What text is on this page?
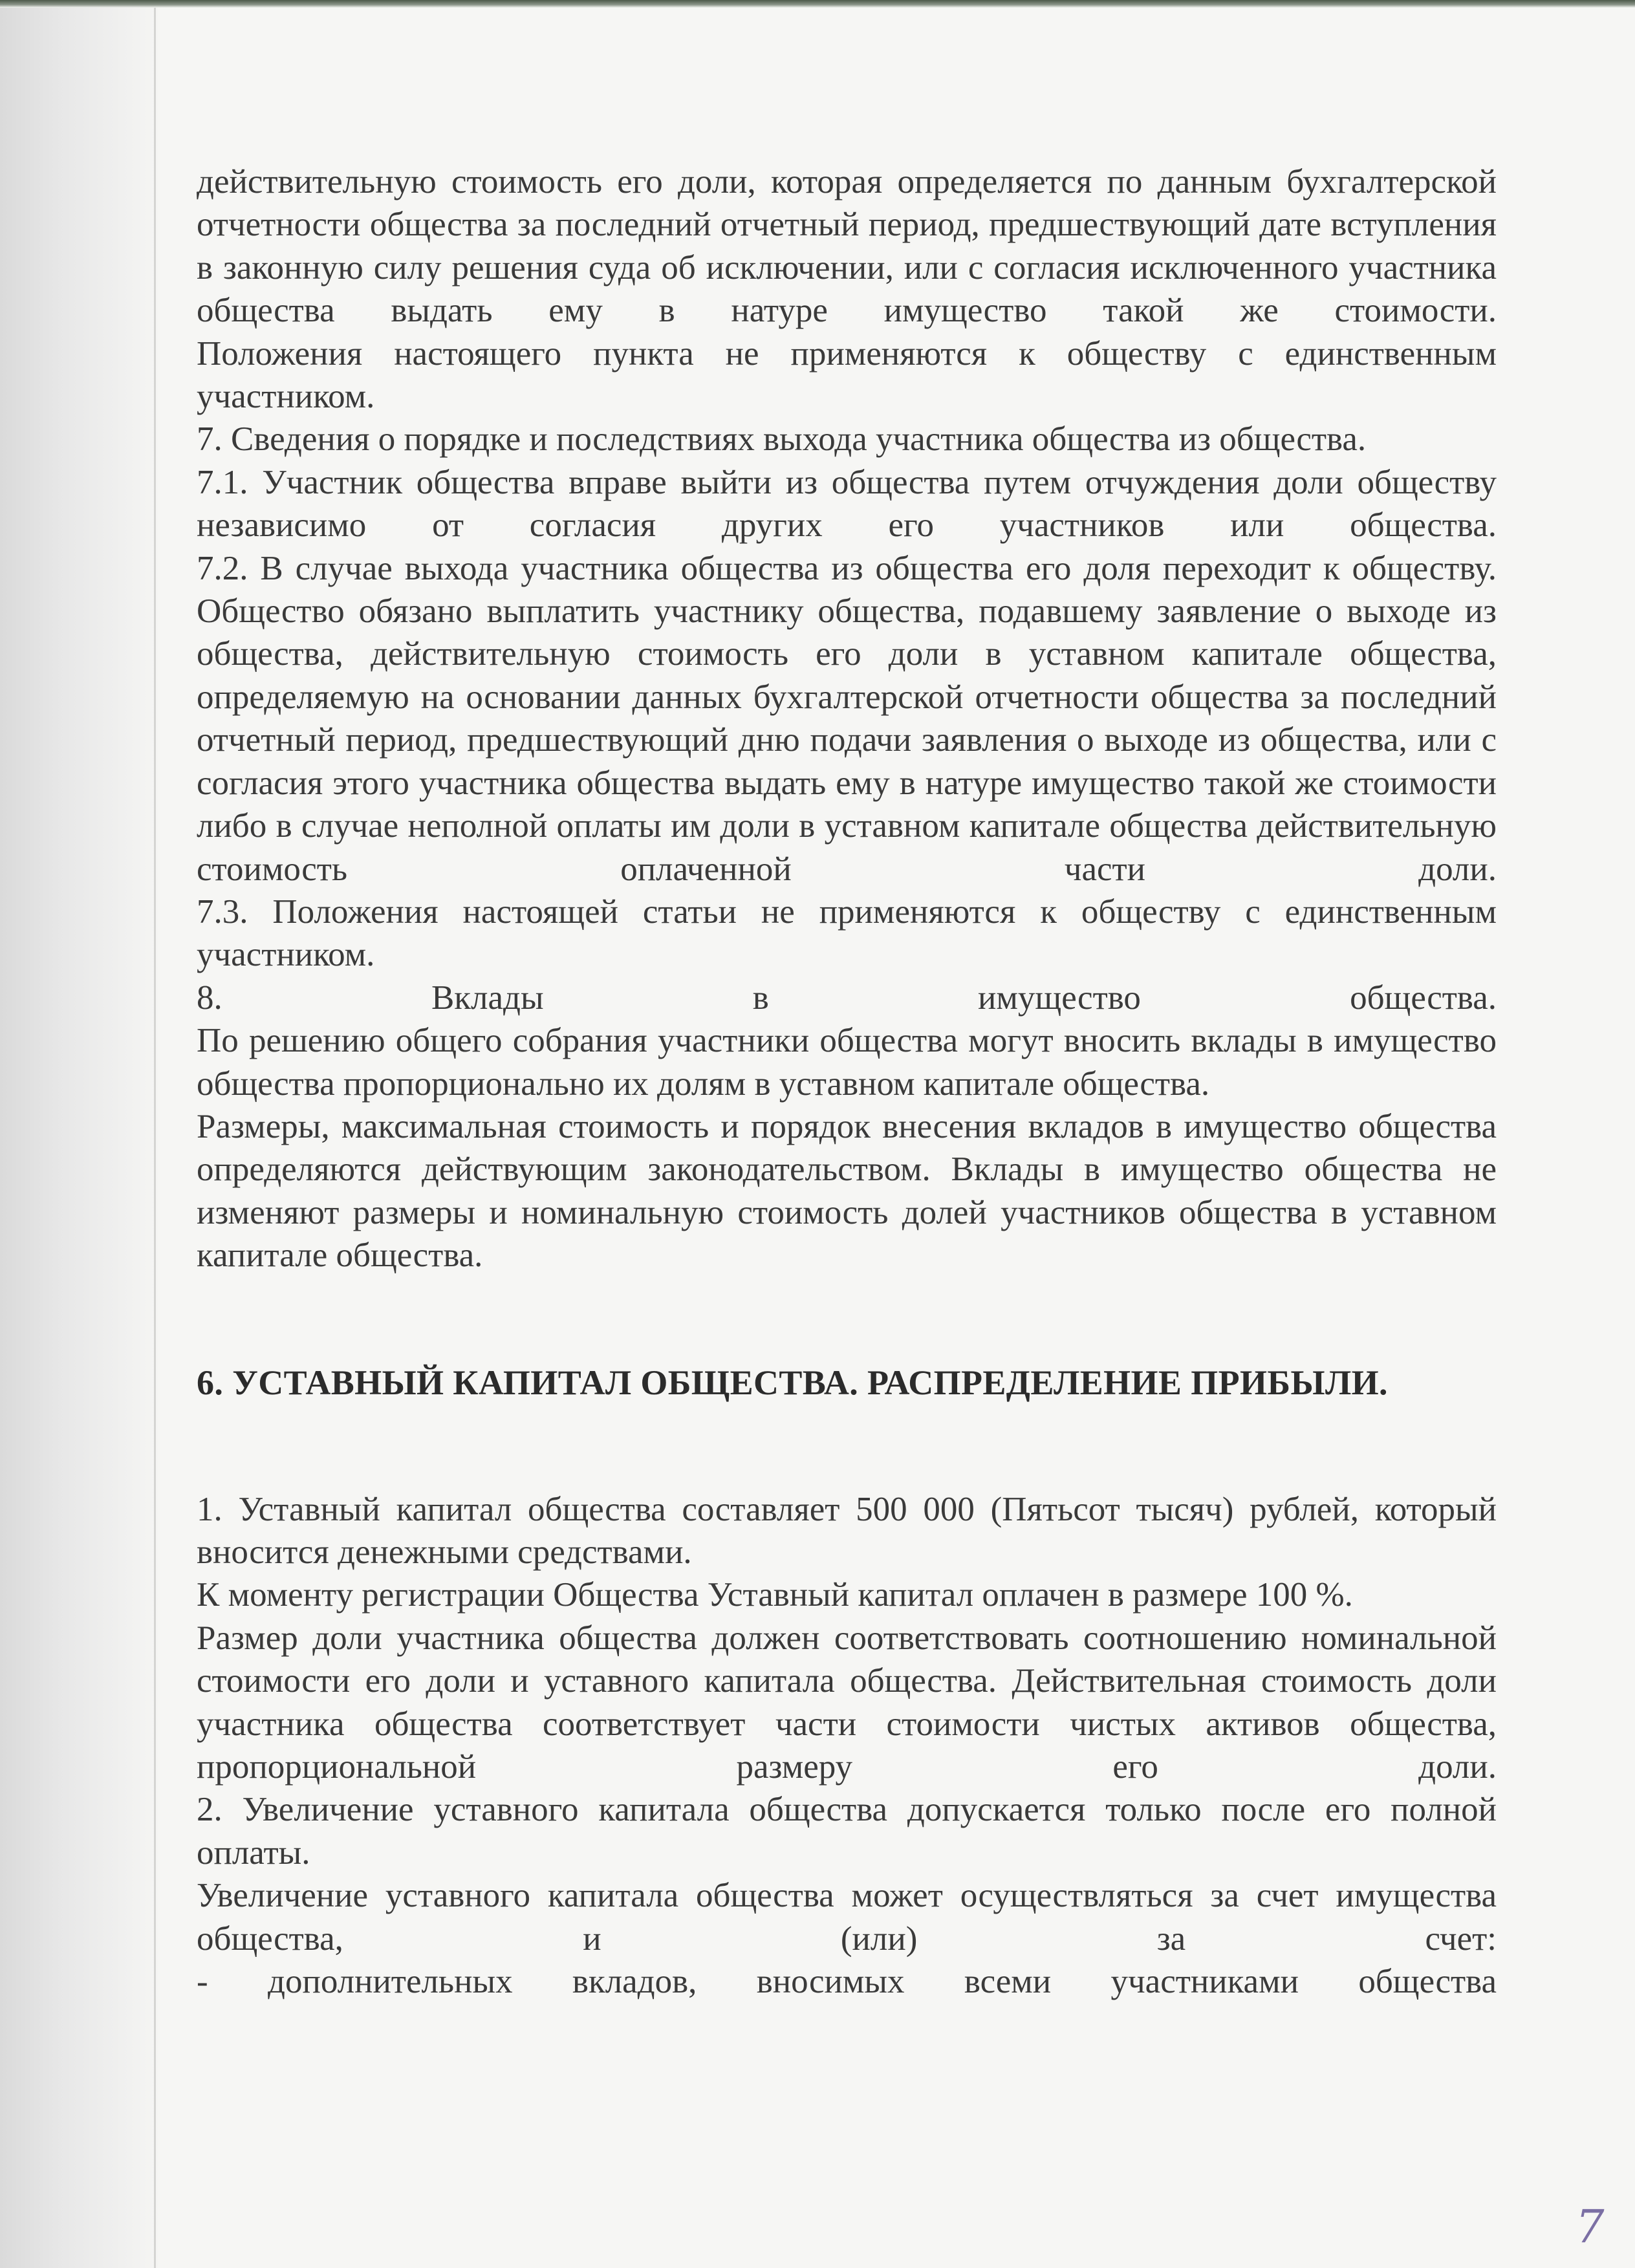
действительную стоимость его доли, которая определяется по данным бухгалтерской отчетности общества за последний отчетный период, предшествующий дате вступления в законную силу решения суда об исключении, или с согласия исключенного участника общества выдать ему в натуре имущество такой же стоимости.

Положения настоящего пункта не применяются к обществу с единственным участником.

7. Сведения о порядке и последствиях выхода участника общества из общества.

7.1. Участник общества вправе выйти из общества путем отчуждения доли обществу независимо от согласия других его участников или общества.

7.2. В случае выхода участника общества из общества его доля переходит к обществу. Общество обязано выплатить участнику общества, подавшему заявление о выходе из общества, действительную стоимость его доли в уставном капитале общества, определяемую на основании данных бухгалтерской отчетности общества за последний отчетный период, предшествующий дню подачи заявления о выходе из общества, или с согласия этого участника общества выдать ему в натуре имущество такой же стоимости либо в случае неполной оплаты им доли в уставном капитале общества действительную стоимость оплаченной части доли.

7.3. Положения настоящей статьи не применяются к обществу с единственным участником.

8. Вклады в имущество общества.

По решению общего собрания участники общества могут вносить вклады в имущество общества пропорционально их долям в уставном капитале общества.

Размеры, максимальная стоимость и порядок внесения вкладов в имущество общества определяются действующим законодательством. Вклады в имущество общества не изменяют размеры и номинальную стоимость долей участников общества в уставном капитале общества.

6. УСТАВНЫЙ КАПИТАЛ ОБЩЕСТВА. РАСПРЕДЕЛЕНИЕ ПРИБЫЛИ.

1. Уставный капитал общества составляет 500 000 (Пятьсот тысяч) рублей, который вносится денежными средствами.

К моменту регистрации Общества Уставный капитал оплачен в размере 100 %.

Размер доли участника общества должен соответствовать соотношению номинальной стоимости его доли и уставного капитала общества. Действительная стоимость доли участника общества соответствует части стоимости чистых активов общества, пропорциональной размеру его доли.

2. Увеличение уставного капитала общества допускается только после его полной оплаты.

Увеличение уставного капитала общества может осуществляться за счет имущества общества, и (или) за счет:

- дополнительных вкладов, вносимых всеми участниками общества

7
